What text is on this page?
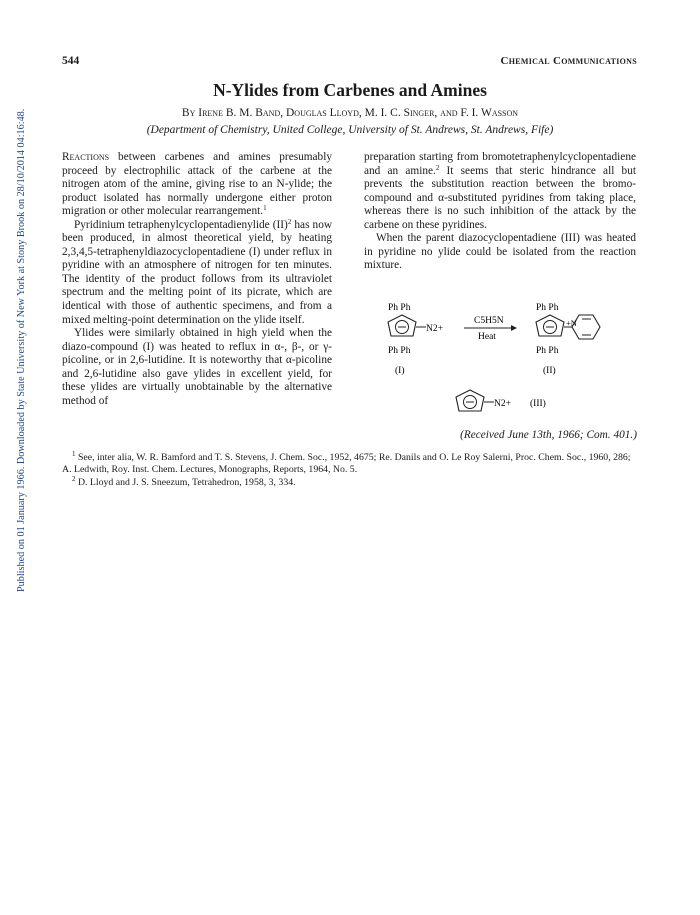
Published on 01 January 1966. Downloaded by State University of New York at Stony Brook on 28/10/2014 04:16:48.
544	Chemical Communications
N-Ylides from Carbenes and Amines
By Irene B. M. Band, Douglas Lloyd, M. I. C. Singer, and F. I. Wasson
(Department of Chemistry, United College, University of St. Andrews, St. Andrews, Fife)

Reactions between carbenes and amines presumably proceed by electrophilic attack of the carbene at the nitrogen atom of the amine, giving rise to an N-ylide; the product isolated has normally undergone either proton migration or other molecular rearrangement.$^1$

Pyridinium tetraphenylcyclopentadienylide (II)$^2$ has now been produced, in almost theoretical yield, by heating 2,3,4,5-tetraphenyldiazocyclopentadiene (I) under reflux in pyridine with an atmosphere of nitrogen for ten minutes. The identity of the product follows from its ultraviolet spectrum and the melting point of its picrate, which are identical with those of authentic specimens, and from a mixed melting-point determination on the ylide itself.

Ylides were similarly obtained in high yield when the diazo-compound (I) was heated to reflux in α-, β-, or γ-picoline, or in 2,6-lutidine. It is noteworthy that α-picoline and 2,6-lutidine also gave ylides in excellent yield, for these ylides are virtually unobtainable by the alternative method of

preparation starting from bromotetraphenylcyclopentadiene and an amine.$^2$ It seems that steric hindrance all but prevents the substitution reaction between the bromo-compound and α-substituted pyridines from taking place, whereas there is no such inhibition of the attack by the carbene on these pyridines.

When the parent diazocyclopentadiene (III) was heated in pyridine no ylide could be isolated from the reaction mixture.

Ph Ph
N2+
Ph Ph
(I)
C5H5N
Heat
Ph Ph
+N
Ph Ph
(II)
N2+ (III)
(Received June 13th, 1966; Com. 401.)

$^1$ See, inter alia, W. R. Bamford and T. S. Stevens, J. Chem. Soc., 1952, 4675; Re. Danils and O. Le Roy Salerni, Proc. Chem. Soc., 1960, 286; A. Ledwith, Roy. Inst. Chem. Lectures, Monographs, Reports, 1964, No. 5.

$^2$ D. Lloyd and J. S. Sneezum, Tetrahedron, 1958, 3, 334.
